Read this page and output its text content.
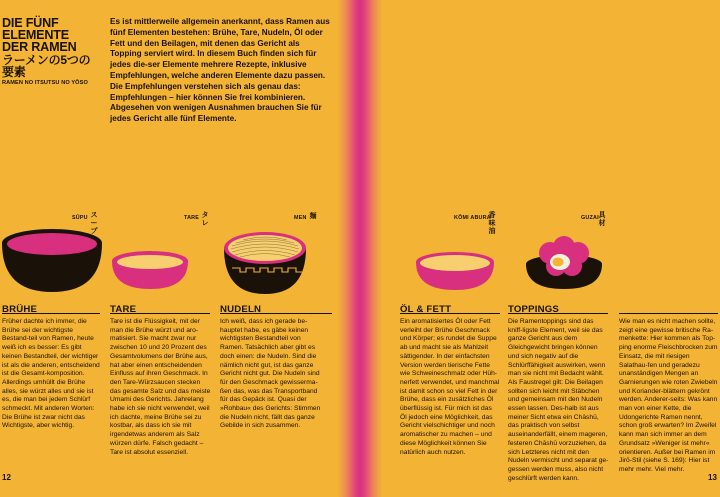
DIE FÜNF
ELEMENTE
DER RAMEN
ラーメンの5つの要素
RAMEN NO ITSUTSU NO YŌSO
Es ist mittlerweile allgemein anerkannt, dass Ramen aus fünf Elementen bestehen: Brühe, Tare, Nudeln, Öl oder Fett und den Beilagen, mit denen das Gericht als Topping serviert wird. In diesem Buch finden sich für jedes die-ser Elemente mehrere Rezepte, inklusive Empfehlungen, welche anderen Elemente dazu passen. Die Empfehlungen verstehen sich als genau das: Empfehlungen – hier können Sie frei kombinieren. Abgesehen von wenigen Ausnahmen brauchen Sie für jedes Gericht alle fünf Elemente.
SŪPU スープ
TARE タレ
MEN 麺	KŌMI ABURA
香味油
GUZAI 具材
BRÜHE	TARE	NUDELN	ÖL & FETT	TOPPINGS
Früher dachte ich immer, die Brühe sei der wichtigste Bestand-teil von Ramen, heute weiß ich es besser: Es gibt keinen Bestandteil, der wichtiger ist als die anderen, entscheidend ist die Gesamt-komposition. Allerdings umhüllt die Brühe alles, sie würzt alles und sie ist es, die man bei jedem Schlürf schmeckt. Mit anderen Worten: Die Brühe ist zwar nicht das Wichtigste, aber wichtig.
Tare ist die Flüssigkeit, mit der man die Brühe würzt und aro-matisiert. Sie macht zwar nur zwischen 10 und 20 Prozent des Gesamtvolumens der Brühe aus, hat aber einen entscheidenden Einfluss auf ihren Geschmack. In den Tare-Würzsaucen stecken das gesamte Salz und das meiste Umami des Gerichts. Jahrelang habe ich sie nicht verwendet, weil ich dachte, meine Brühe sei zu kostbar, als dass ich sie mit irgendetwas anderem als Salz würzen dürfe. Falsch gedacht – Tare ist absolut essenziell.
Ich weiß, dass ich gerade be-hauptet habe, es gäbe keinen wichtigsten Bestandteil von Ramen. Tatsächlich aber gibt es doch einen: die Nudeln. Sind die nämlich nicht gut, ist das ganze Gericht nicht gut. Die Nudeln sind für den Geschmack gewisserma-ßen das, was das Transportband für das Gepäck ist. Quasi der »Rohbau« des Gerichts: Stimmen die Nudeln nicht, fällt das ganze Gebilde in sich zusammen.
Ein aromatisiertes Öl oder Fett verleiht der Brühe Geschmack und Körper; es rundet die Suppe ab und macht sie als Mahlzeit sättigender. In der einfachsten Version werden tierische Fette wie Schweineschmalz oder Hüh-nerfett verwendet, und manchmal ist damit schon so viel Fett in der Brühe, dass ein zusätzliches Öl überflüssig ist. Für mich ist das Öl jedoch eine Möglichkeit, das Gericht vielschichtiger und noch aromatischer zu machen – und diese Möglichkeit können Sie natürlich auch nutzen.
Die Ramentoppings sind das kniff-ligste Element, weil sie das ganze Gericht aus dem Gleichgewicht bringen können und sich negativ auf die Schlürffähigkeit auswirken, wenn man sie nicht mit Bedacht wählt. Als Faustregel gilt: Die Beilagen sollten sich leicht mit Stäbchen und gemeinsam mit den Nudeln essen lassen. Des-halb ist aus meiner Sicht etwa ein Chāshū, das praktisch von selbst auseinanderfällt, einem mageren, festeren Chāshū vorzuziehen, da sich Letzteres nicht mit den Nudeln vermischt und separat ge-gessen werden muss, also nicht geschlürft werden kann.
Wie man es nicht machen sollte, zeigt eine gewisse britische Ra-menkette: Hier kommen als Top-ping enorme Fleischbrocken zum Einsatz, die mit riesigen Salathau-fen und geradezu unanständigen Mengen an Garnierungen wie roten Zwiebeln und Koriander-blättern gekrönt werden. Anderer-seits: Was kann man von einer Kette, die Udongerichte Ramen nennt, schon groß erwarten? Im Zweifel kann man sich immer an dem Grundsatz »Weniger ist mehr« orientieren. Außer bei Ramen im Jirō-Stil (siehe S. 169): Hier ist mehr mehr. Viel mehr.
12	13
